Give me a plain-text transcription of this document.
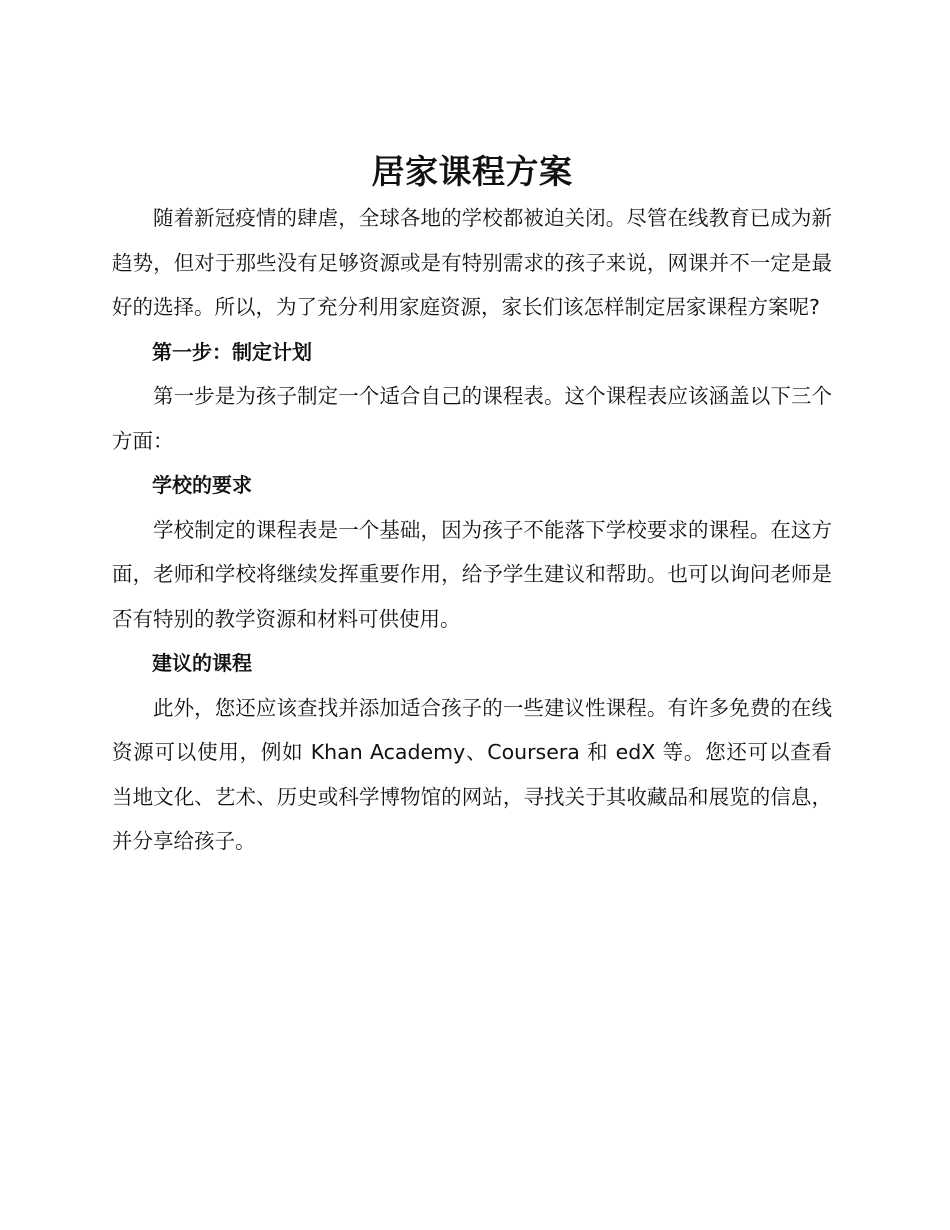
居家课程方案

随着新冠疫情的肆虐，全球各地的学校都被迫关闭。尽管在线教育已成为新趋势，但对于那些没有足够资源或是有特别需求的孩子来说，网课并不一定是最好的选择。所以，为了充分利用家庭资源，家长们该怎样制定居家课程方案呢?

第一步：制定计划

第一步是为孩子制定一个适合自己的课程表。这个课程表应该涵盖以下三个方面：

学校的要求

学校制定的课程表是一个基础，因为孩子不能落下学校要求的课程。在这方面，老师和学校将继续发挥重要作用，给予学生建议和帮助。也可以询问老师是否有特别的教学资源和材料可供使用。

建议的课程

此外，您还应该查找并添加适合孩子的一些建议性课程。有许多免费的在线资源可以使用，例如 Khan Academy、Coursera 和 edX 等。您还可以查看当地文化、艺术、历史或科学博物馆的网站，寻找关于其收藏品和展览的信息，并分享给孩子。
